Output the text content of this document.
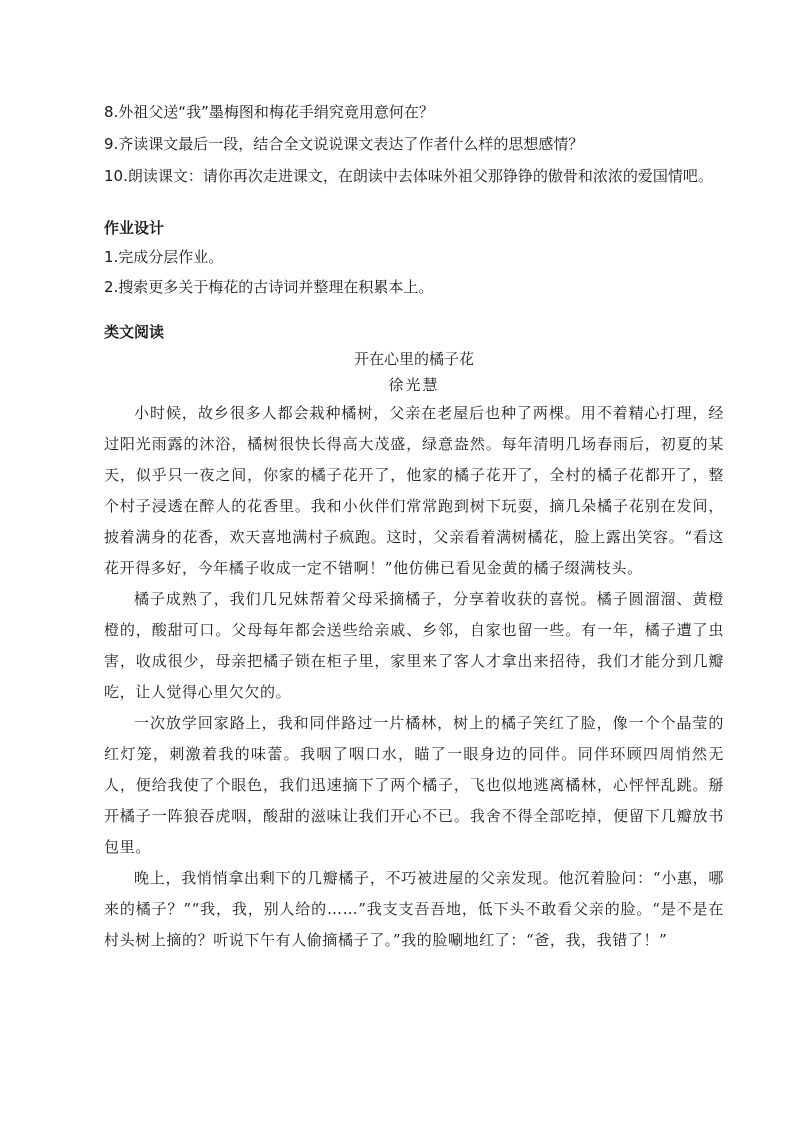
8.外祖父送“我”墨梅图和梅花手绢究竟用意何在？

9.齐读课文最后一段，结合全文说说课文表达了作者什么样的思想感情？

10.朗读课文：请你再次走进课文，在朗读中去体味外祖父那铮铮的傲骨和浓浓的爱国情吧。

作业设计

1.完成分层作业。

2.搜索更多关于梅花的古诗词并整理在积累本上。

类文阅读

开在心里的橘子花

徐光慧

小时候，故乡很多人都会栽种橘树，父亲在老屋后也种了两棵。用不着精心打理，经过阳光雨露的沐浴，橘树很快长得高大茂盛，绿意盎然。每年清明几场春雨后，初夏的某天，似乎只一夜之间，你家的橘子花开了，他家的橘子花开了，全村的橘子花都开了，整个村子浸透在醉人的花香里。我和小伙伴们常常跑到树下玩耍，摘几朵橘子花别在发间，披着满身的花香，欢天喜地满村子疯跑。这时，父亲看着满树橘花，脸上露出笑容。“看这花开得多好，今年橘子收成一定不错啊！”他仿佛已看见金黄的橘子缀满枝头。

橘子成熟了，我们几兄妹帮着父母采摘橘子，分享着收获的喜悦。橘子圆溜溜、黄橙橙的，酸甜可口。父母每年都会送些给亲戚、乡邻，自家也留一些。有一年，橘子遭了虫害，收成很少，母亲把橘子锁在柜子里，家里来了客人才拿出来招待，我们才能分到几瓣吃，让人觉得心里欠欠的。

一次放学回家路上，我和同伴路过一片橘林，树上的橘子笑红了脸，像一个个晶莹的红灯笼，刺激着我的味蕾。我咽了咽口水，瞄了一眼身边的同伴。同伴环顾四周悄然无人，便给我使了个眼色，我们迅速摘下了两个橘子，飞也似地逃离橘林，心怦怦乱跳。掰开橘子一阵狼吞虎咽，酸甜的滋味让我们开心不已。我舍不得全部吃掉，便留下几瓣放书包里。

晚上，我悄悄拿出剩下的几瓣橘子，不巧被进屋的父亲发现。他沉着脸问：“小惠，哪来的橘子？”“我，我，别人给的……”我支支吾吾地，低下头不敢看父亲的脸。“是不是在村头树上摘的？听说下午有人偷摘橘子了。”我的脸唰地红了：“爸，我，我错了！”
